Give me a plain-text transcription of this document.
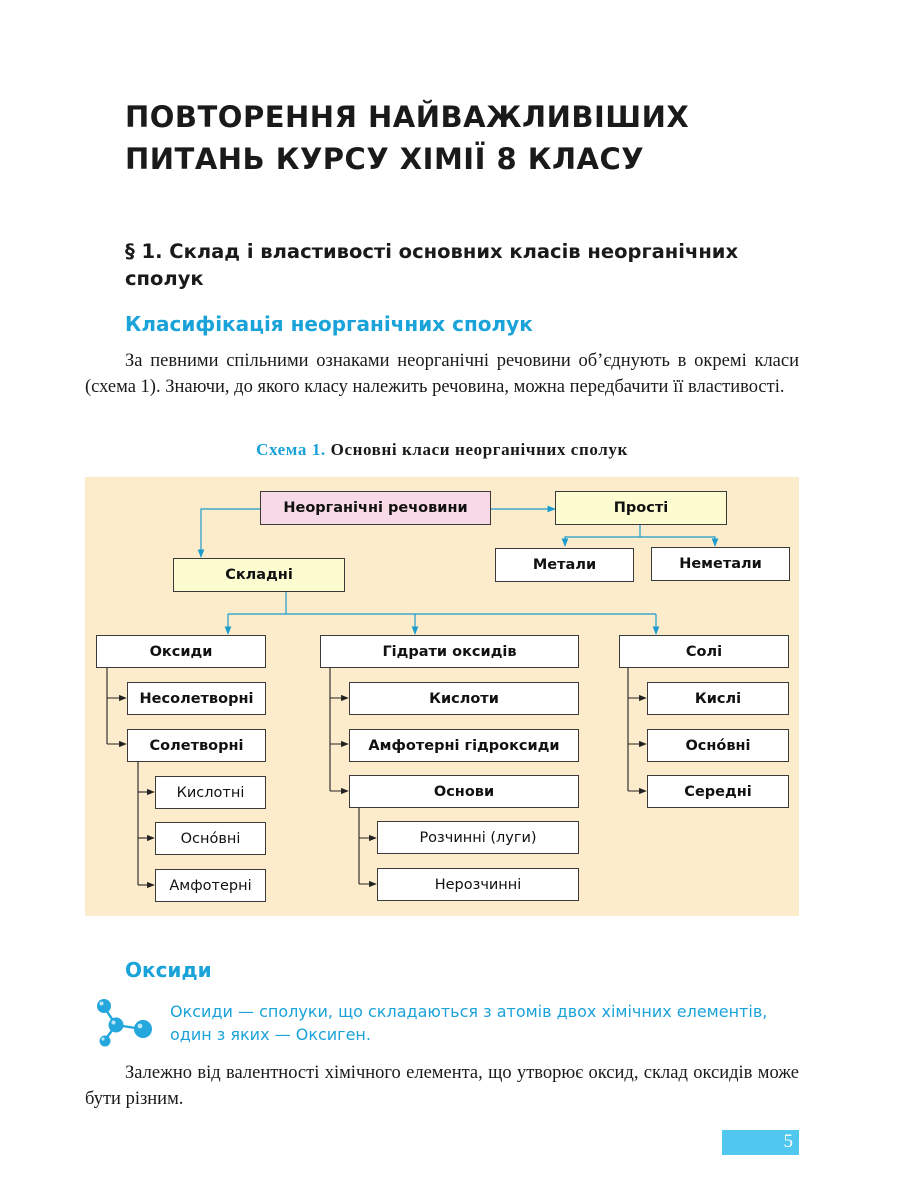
ПОВТОРЕННЯ НАЙВАЖЛИВІШИХ
ПИТАНЬ КУРСУ ХІМІЇ 8 КЛАСУ
§ 1. Склад і властивості основних класів неорганічних сполук
Класифікація неорганічних сполук

За певними спільними ознаками неорганічні речовини об’єднують в окремі класи (схема 1). Знаючи, до якого класу належить речовина, можна передбачити її властивості.

Схема 1. Основні класи неорганічних сполук

Неорганічні речовини	Прості
Метали	Неметали
Складні
Оксиди	Гідрати оксидів	Солі
Несолетворні
Солетворні
Кислотні
Осно́вні
Амфотерні
Кислоти
Амфотерні гідроксиди
Основи
Розчинні (луги)
Нерозчинні
Кислі
Осно́вні
Середні
Оксиди

Оксиди — сполуки, що складаються з атомів двох хімічних елементів, один з яких — Оксиген.

Залежно від валентності хімічного елемента, що утворює оксид, склад оксидів може бути різним.

5
